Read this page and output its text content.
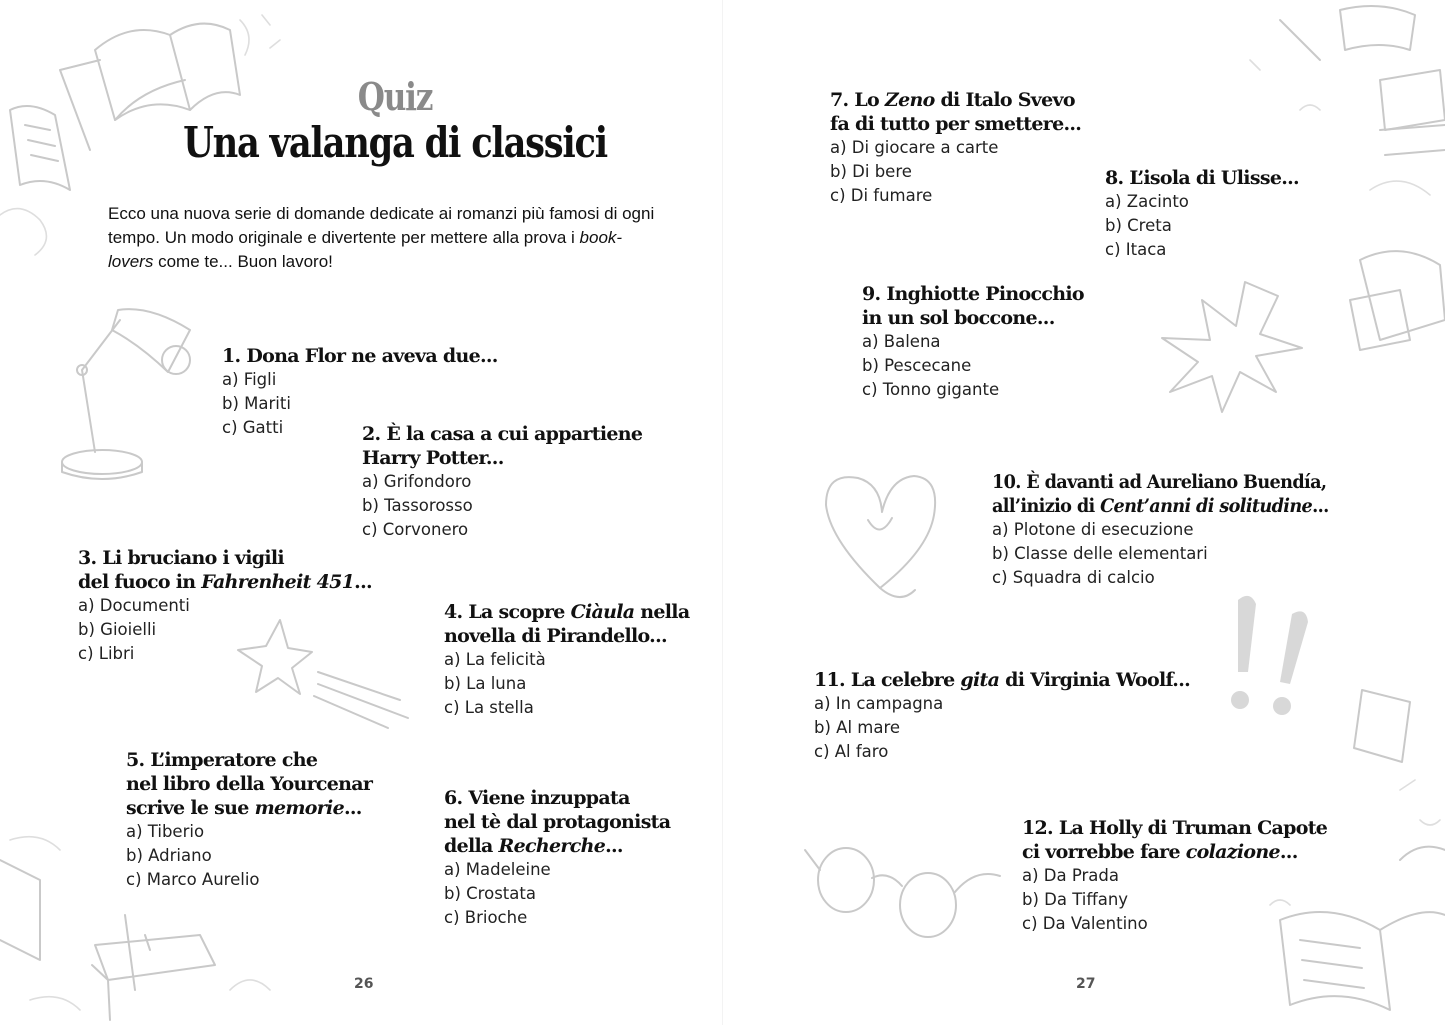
Quiz
Una valanga di classici
Ecco una nuova serie di domande dedicate ai romanzi più famosi di ogni
tempo. Un modo originale e divertente per mettere alla prova i book-
lovers come te... Buon lavoro!
1. Dona Flor ne aveva due...
a) Figli
b) Mariti
c) Gatti	2. È la casa a cui appartiene
Harry Potter...
a) Grifondoro
b) Tassorosso
c) Corvonero
3. Li bruciano i vigili
del fuoco in Fahrenheit 451...
a) Documenti
b) Gioielli
c) Libri
4. La scopre Ciàula nella
novella di Pirandello...
a) La felicità
b) La luna
c) La stella
5. L’imperatore che
nel libro della Yourcenar
scrive le sue memorie...
a) Tiberio
b) Adriano
c) Marco Aurelio
6. Viene inzuppata
nel tè dal protagonista
della Recherche...
a) Madeleine
b) Crostata
c) Brioche
26
7. Lo Zeno di Italo Svevo
fa di tutto per smettere...
a) Di giocare a carte
b) Di bere
c) Di fumare
8. L’isola di Ulisse...
a) Zacinto
b) Creta
c) Itaca
9. Inghiotte Pinocchio
in un sol boccone...
a) Balena
b) Pescecane
c) Tonno gigante
10. È davanti ad Aureliano Buendía,
all’inizio di Cent’anni di solitudine...
a) Plotone di esecuzione
b) Classe delle elementari
c) Squadra di calcio
11. La celebre gita di Virginia Woolf...
a) In campagna
b) Al mare
c) Al faro
12. La Holly di Truman Capote
ci vorrebbe fare colazione...
a) Da Prada
b) Da Tiffany
c) Da Valentino
27
